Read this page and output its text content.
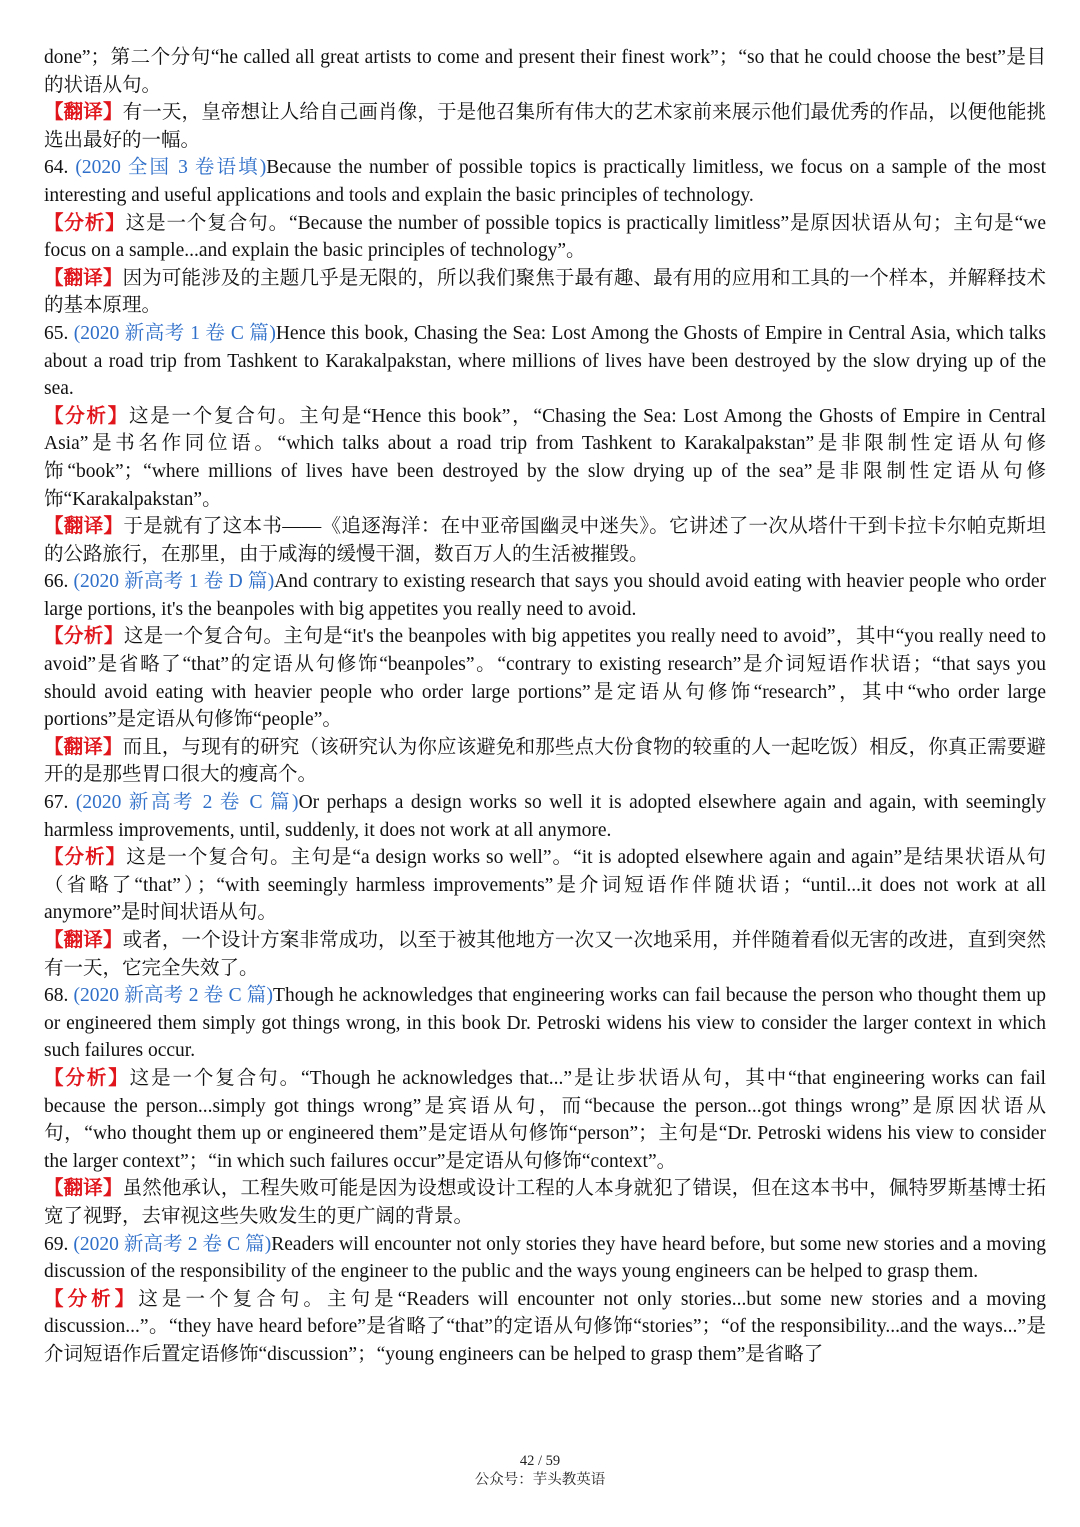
done”；第二个分句“he called all great artists to come and present their finest work”；“so that he could choose the best”是目的状语从句。

【翻译】有一天，皇帝想让人给自己画肖像，于是他召集所有伟大的艺术家前来展示他们最优秀的作品，以便他能挑选出最好的一幅。

64. (2020 全国 3 卷语填)Because the number of possible topics is practically limitless, we focus on a sample of the most interesting and useful applications and tools and explain the basic principles of technology.

【分析】这是一个复合句。“Because the number of possible topics is practically limitless”是原因状语从句；主句是“we focus on a sample...and explain the basic principles of technology”。

【翻译】因为可能涉及的主题几乎是无限的，所以我们聚焦于最有趣、最有用的应用和工具的一个样本，并解释技术的基本原理。

65. (2020 新高考 1 卷 C 篇)Hence this book, Chasing the Sea: Lost Among the Ghosts of Empire in Central Asia, which talks about a road trip from Tashkent to Karakalpakstan, where millions of lives have been destroyed by the slow drying up of the sea.

【分析】这是一个复合句。主句是“Hence this book”，“Chasing the Sea: Lost Among the Ghosts of Empire in Central Asia”是书名作同位语。“which talks about a road trip from Tashkent to Karakalpakstan”是非限制性定语从句修饰“book”；“where millions of lives have been destroyed by the slow drying up of the sea”是非限制性定语从句修饰“Karakalpakstan”。

【翻译】于是就有了这本书——《追逐海洋：在中亚帝国幽灵中迷失》。它讲述了一次从塔什干到卡拉卡尔帕克斯坦的公路旅行，在那里，由于咸海的缓慢干涸，数百万人的生活被摧毁。

66. (2020 新高考 1 卷 D 篇)And contrary to existing research that says you should avoid eating with heavier people who order large portions, it's the beanpoles with big appetites you really need to avoid.

【分析】这是一个复合句。主句是“it's the beanpoles with big appetites you really need to avoid”，其中“you really need to avoid”是省略了“that”的定语从句修饰“beanpoles”。“contrary to existing research”是介词短语作状语；“that says you should avoid eating with heavier people who order large portions”是定语从句修饰“research”，其中“who order large portions”是定语从句修饰“people”。

【翻译】而且，与现有的研究（该研究认为你应该避免和那些点大份食物的较重的人一起吃饭）相反，你真正需要避开的是那些胃口很大的瘦高个。

67. (2020 新高考 2 卷 C 篇)Or perhaps a design works so well it is adopted elsewhere again and again, with seemingly harmless improvements, until, suddenly, it does not work at all anymore.

【分析】这是一个复合句。主句是“a design works so well”。“it is adopted elsewhere again and again”是结果状语从句（省略了“that”）；“with seemingly harmless improvements”是介词短语作伴随状语；“until...it does not work at all anymore”是时间状语从句。

【翻译】或者，一个设计方案非常成功，以至于被其他地方一次又一次地采用，并伴随着看似无害的改进，直到突然有一天，它完全失效了。

68. (2020 新高考 2 卷 C 篇)Though he acknowledges that engineering works can fail because the person who thought them up or engineered them simply got things wrong, in this book Dr. Petroski widens his view to consider the larger context in which such failures occur.

【分析】这是一个复合句。“Though he acknowledges that...”是让步状语从句，其中“that engineering works can fail because the person...simply got things wrong”是宾语从句，而“because the person...got things wrong”是原因状语从句，“who thought them up or engineered them”是定语从句修饰“person”；主句是“Dr. Petroski widens his view to consider the larger context”；“in which such failures occur”是定语从句修饰“context”。

【翻译】虽然他承认，工程失败可能是因为设想或设计工程的人本身就犯了错误，但在这本书中，佩特罗斯基博士拓宽了视野，去审视这些失败发生的更广阔的背景。

69. (2020 新高考 2 卷 C 篇)Readers will encounter not only stories they have heard before, but some new stories and a moving discussion of the responsibility of the engineer to the public and the ways young engineers can be helped to grasp them.

【分析】这是一个复合句。主句是“Readers will encounter not only stories...but some new stories and a moving discussion...”。“they have heard before”是省略了“that”的定语从句修饰“stories”；“of the responsibility...and the ways...”是介词短语作后置定语修饰“discussion”；“young engineers can be helped to grasp them”是省略了

42 / 59
公众号：芋头教英语
